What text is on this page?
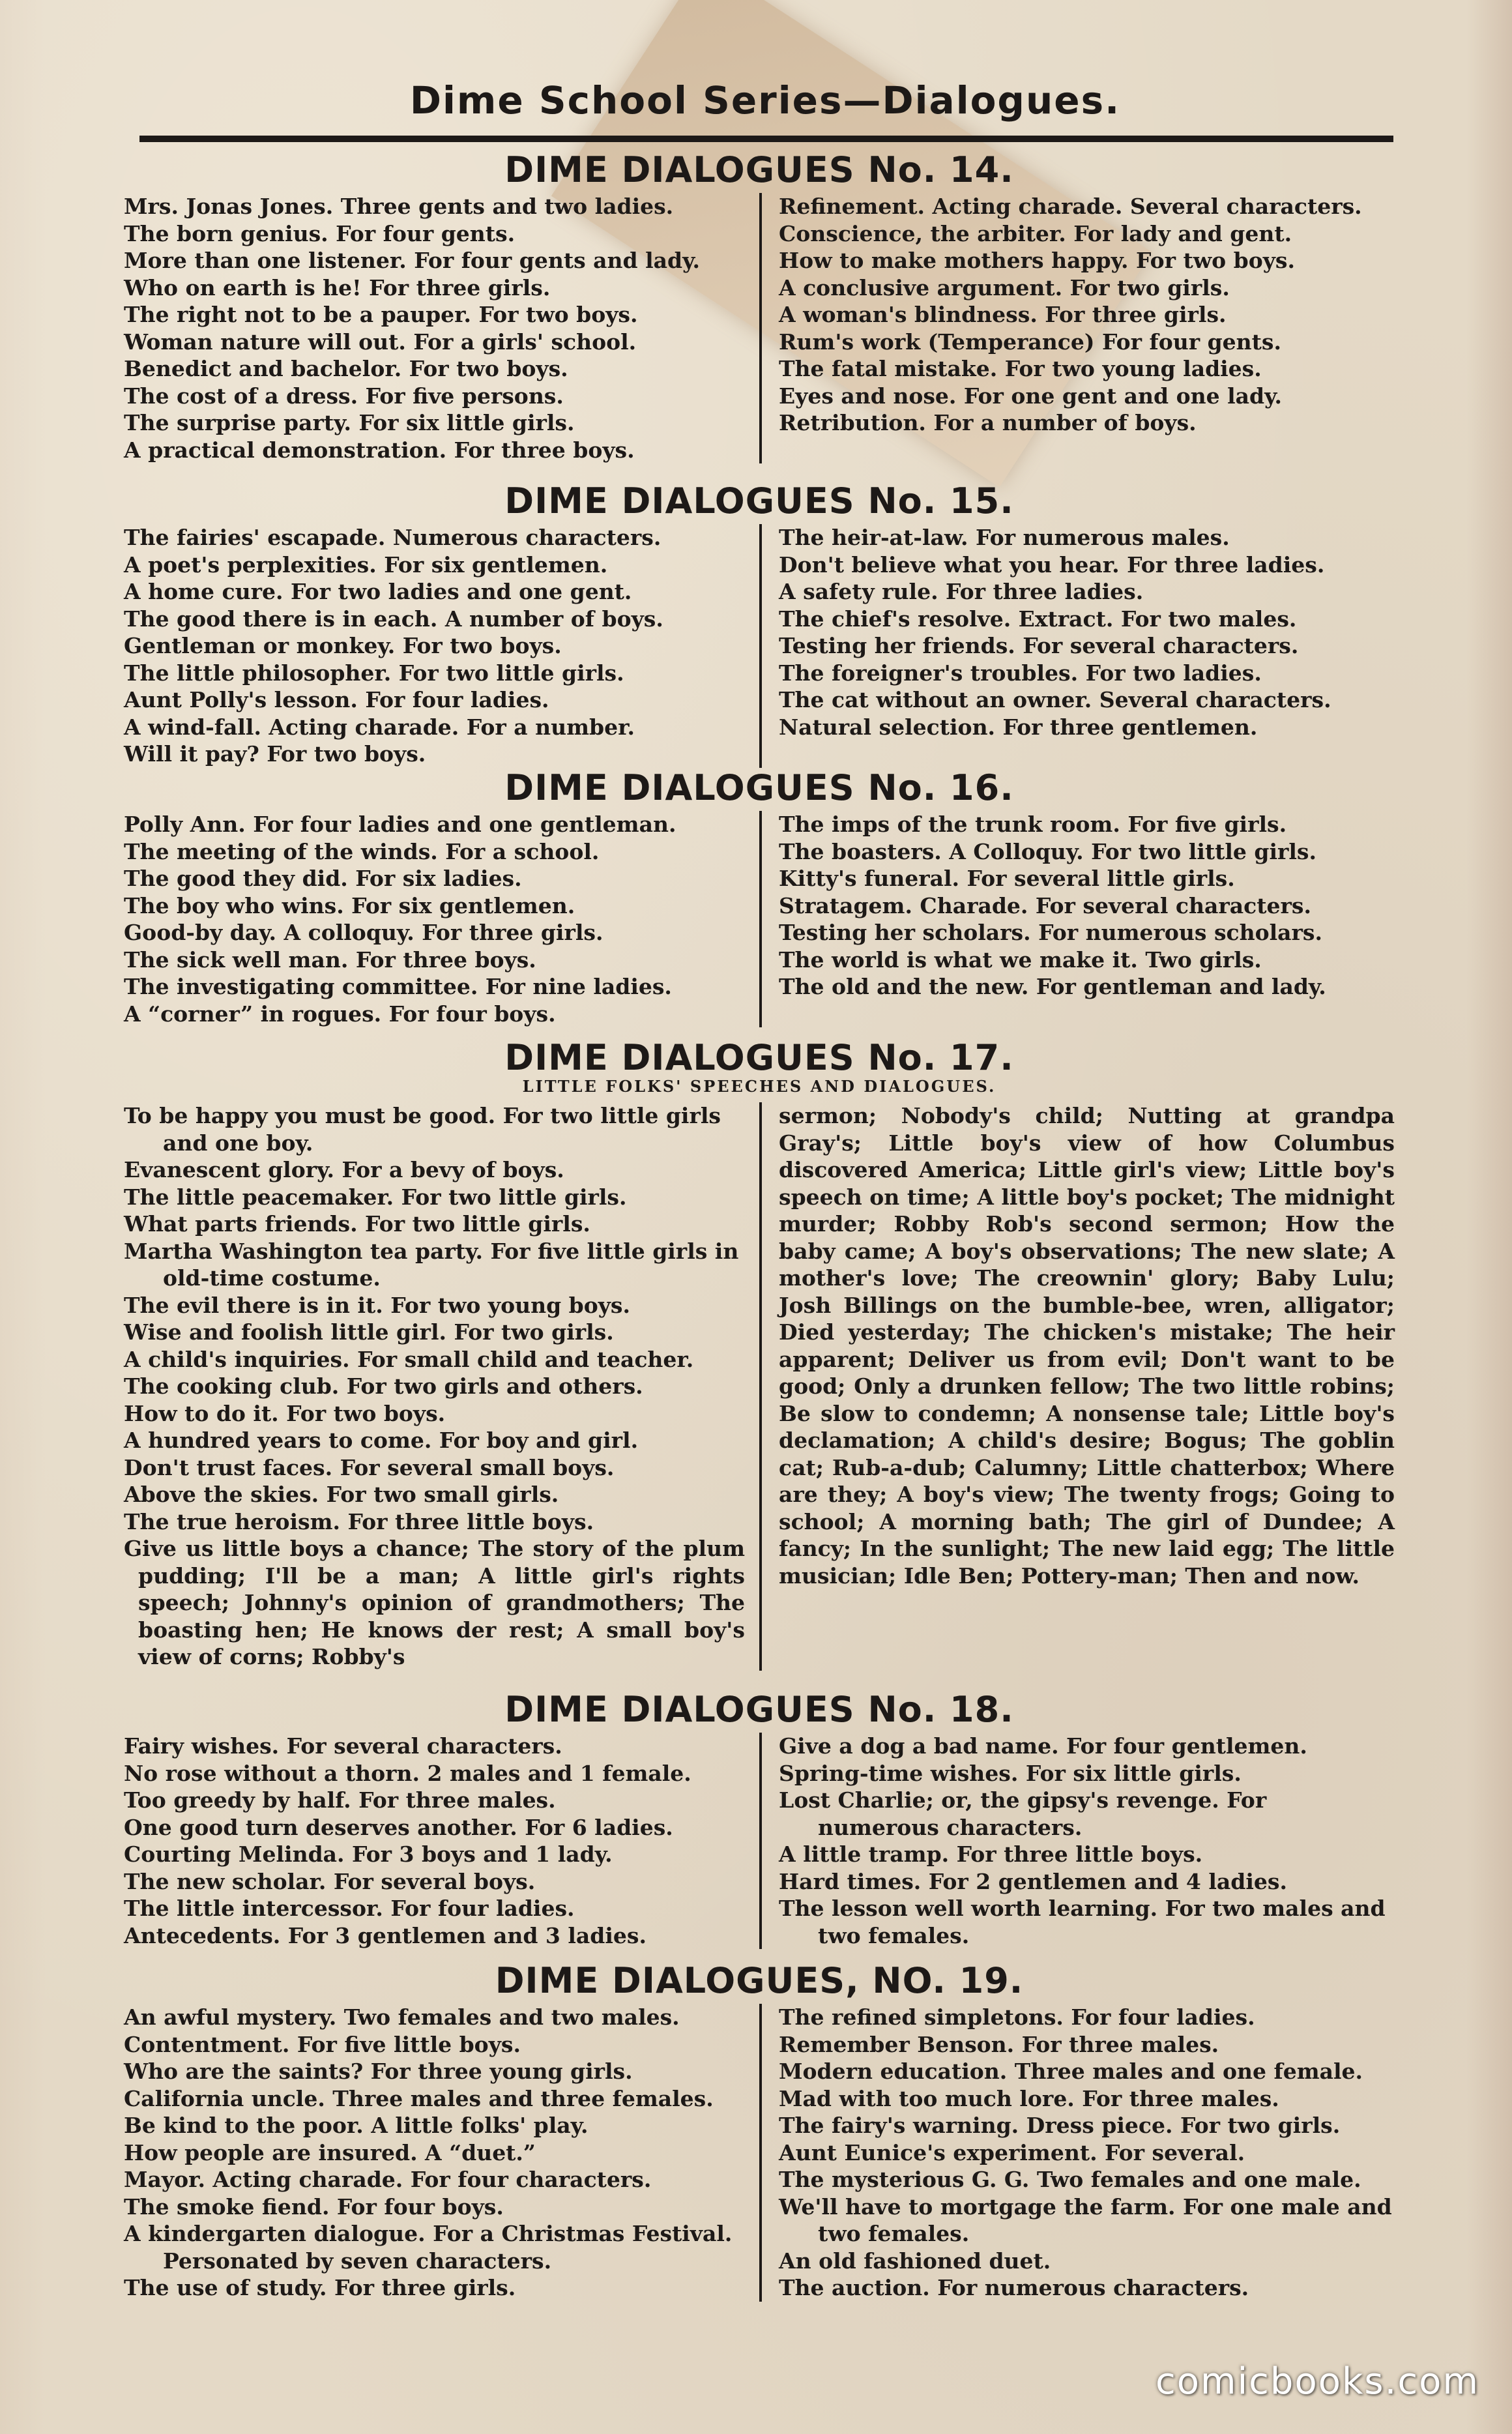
Dime School Series—Dialogues.
DIME DIALOGUES No. 14.
Mrs. Jonas Jones. Three gents and two ladies.
The born genius. For four gents.
More than one listener. For four gents and lady.
Who on earth is he! For three girls.
The right not to be a pauper. For two boys.
Woman nature will out. For a girls' school.
Benedict and bachelor. For two boys.
The cost of a dress. For five persons.
The surprise party. For six little girls.
A practical demonstration. For three boys.
Refinement. Acting charade. Several characters.
Conscience, the arbiter. For lady and gent.
How to make mothers happy. For two boys.
A conclusive argument. For two girls.
A woman's blindness. For three girls.
Rum's work (Temperance) For four gents.
The fatal mistake. For two young ladies.
Eyes and nose. For one gent and one lady.
Retribution. For a number of boys.
DIME DIALOGUES No. 15.
The fairies' escapade. Numerous characters.
A poet's perplexities. For six gentlemen.
A home cure. For two ladies and one gent.
The good there is in each. A number of boys.
Gentleman or monkey. For two boys.
The little philosopher. For two little girls.
Aunt Polly's lesson. For four ladies.
A wind-fall. Acting charade. For a number.
Will it pay? For two boys.
The heir-at-law. For numerous males.
Don't believe what you hear. For three ladies.
A safety rule. For three ladies.
The chief's resolve. Extract. For two males.
Testing her friends. For several characters.
The foreigner's troubles. For two ladies.
The cat without an owner. Several characters.
Natural selection. For three gentlemen.
DIME DIALOGUES No. 16.
Polly Ann. For four ladies and one gentleman.
The meeting of the winds. For a school.
The good they did. For six ladies.
The boy who wins. For six gentlemen.
Good-by day. A colloquy. For three girls.
The sick well man. For three boys.
The investigating committee. For nine ladies.
A “corner” in rogues. For four boys.
The imps of the trunk room. For five girls.
The boasters. A Colloquy. For two little girls.
Kitty's funeral. For several little girls.
Stratagem. Charade. For several characters.
Testing her scholars. For numerous scholars.
The world is what we make it. Two girls.
The old and the new. For gentleman and lady.
DIME DIALOGUES No. 17.
LITTLE FOLKS' SPEECHES AND DIALOGUES.
To be happy you must be good. For two little girls and one boy.
Evanescent glory. For a bevy of boys.
The little peacemaker. For two little girls.
What parts friends. For two little girls.
Martha Washington tea party. For five little girls in old-time costume.
The evil there is in it. For two young boys.
Wise and foolish little girl. For two girls.
A child's inquiries. For small child and teacher.
The cooking club. For two girls and others.
How to do it. For two boys.
A hundred years to come. For boy and girl.
Don't trust faces. For several small boys.
Above the skies. For two small girls.
The true heroism. For three little boys.
Give us little boys a chance; The story of the plum pudding; I'll be a man; A little girl's rights speech; Johnny's opinion of grandmothers; The boasting hen; He knows der rest; A small boy's view of corns; Robby's
sermon; Nobody's child; Nutting at grandpa Gray's; Little boy's view of how Columbus discovered America; Little girl's view; Little boy's speech on time; A little boy's pocket; The midnight murder; Robby Rob's second sermon; How the baby came; A boy's observations; The new slate; A mother's love; The creownin' glory; Baby Lulu; Josh Billings on the bumble-bee, wren, alligator; Died yesterday; The chicken's mistake; The heir apparent; Deliver us from evil; Don't want to be good; Only a drunken fellow; The two little robins; Be slow to condemn; A nonsense tale; Little boy's declamation; A child's desire; Bogus; The goblin cat; Rub-a-dub; Calumny; Little chatterbox; Where are they; A boy's view; The twenty frogs; Going to school; A morning bath; The girl of Dundee; A fancy; In the sunlight; The new laid egg; The little musician; Idle Ben; Pottery-man; Then and now.
DIME DIALOGUES No. 18.
Fairy wishes. For several characters.
No rose without a thorn. 2 males and 1 female.
Too greedy by half. For three males.
One good turn deserves another. For 6 ladies.
Courting Melinda. For 3 boys and 1 lady.
The new scholar. For several boys.
The little intercessor. For four ladies.
Antecedents. For 3 gentlemen and 3 ladies.
Give a dog a bad name. For four gentlemen.
Spring-time wishes. For six little girls.
Lost Charlie; or, the gipsy's revenge. For numerous characters.
A little tramp. For three little boys.
Hard times. For 2 gentlemen and 4 ladies.
The lesson well worth learning. For two males and two females.
DIME DIALOGUES, NO. 19.
An awful mystery. Two females and two males.
Contentment. For five little boys.
Who are the saints? For three young girls.
California uncle. Three males and three females.
Be kind to the poor. A little folks' play.
How people are insured. A “duet.”
Mayor. Acting charade. For four characters.
The smoke fiend. For four boys.
A kindergarten dialogue. For a Christmas Festival. Personated by seven characters.
The use of study. For three girls.
The refined simpletons. For four ladies.
Remember Benson. For three males.
Modern education. Three males and one female.
Mad with too much lore. For three males.
The fairy's warning. Dress piece. For two girls.
Aunt Eunice's experiment. For several.
The mysterious G. G. Two females and one male.
We'll have to mortgage the farm. For one male and two females.
An old fashioned duet.
The auction. For numerous characters.
comicbooks.com
